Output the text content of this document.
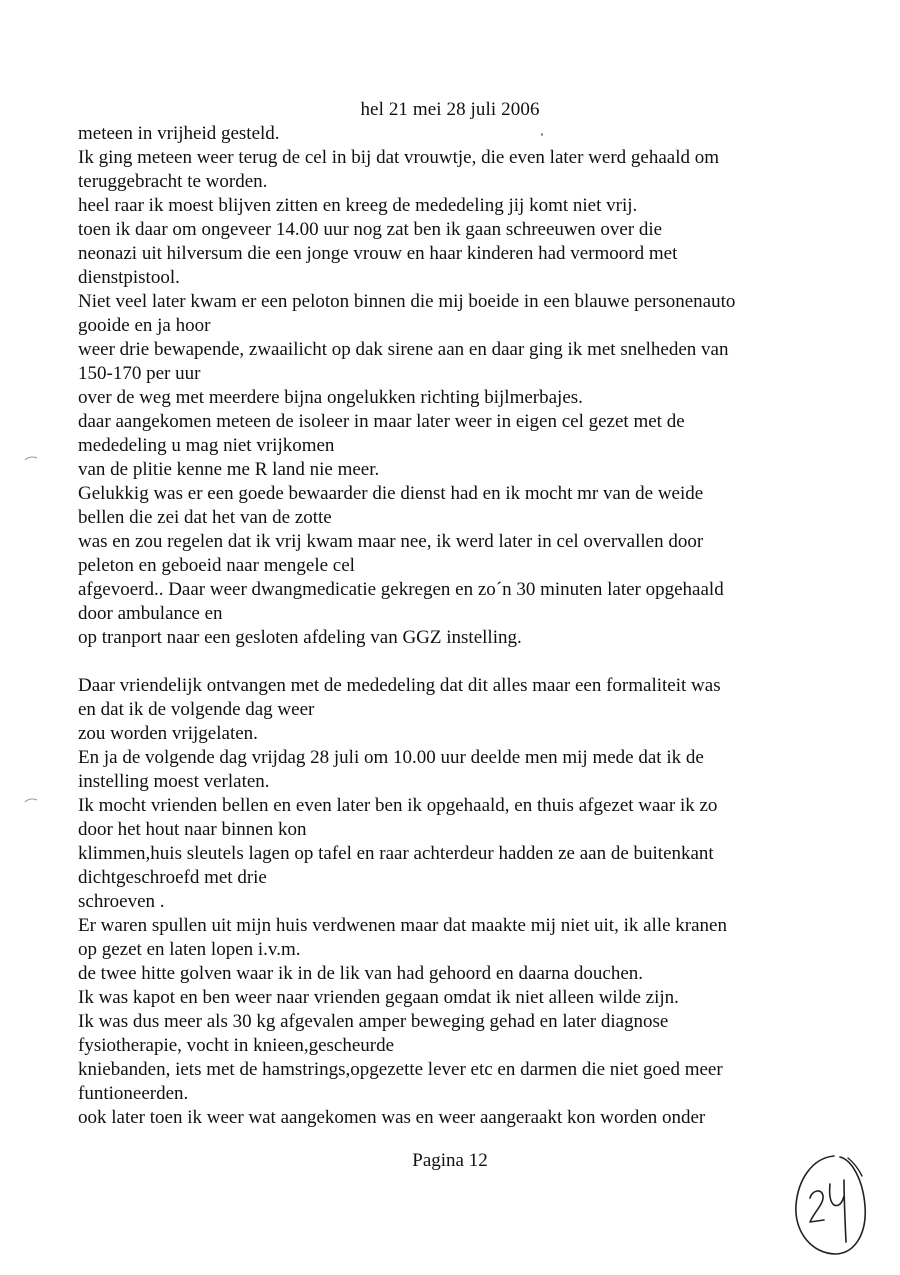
hel 21 mei 28 juli 2006
meteen in vrijheid gesteld.
Ik ging meteen weer terug de cel in bij dat vrouwtje, die even later werd gehaald om
teruggebracht te worden.
heel raar ik moest blijven zitten en kreeg de mededeling jij komt niet vrij.
toen ik daar om ongeveer 14.00 uur nog zat ben ik gaan schreeuwen over die
neonazi uit hilversum die een jonge vrouw en haar kinderen had vermoord met
dienstpistool.
Niet veel later kwam er een peloton binnen die mij boeide in een blauwe personenauto
gooide en ja hoor
weer drie bewapende, zwaailicht op dak sirene aan en daar ging ik met snelheden van
150-170 per uur
over de weg met meerdere bijna ongelukken richting bijlmerbajes.
daar aangekomen meteen de isoleer in maar later weer in eigen cel gezet met de
mededeling u mag niet vrijkomen
van de plitie kenne me R land nie meer.
Gelukkig was er een goede bewaarder die dienst had en ik mocht mr van de weide
bellen die zei dat het van de zotte
was en zou regelen dat ik vrij kwam maar nee, ik werd later in cel overvallen door
peleton en geboeid naar mengele cel
afgevoerd.. Daar weer dwangmedicatie gekregen en zo´n 30 minuten later opgehaald
door ambulance en
op tranport naar een gesloten afdeling van GGZ instelling.
Daar vriendelijk ontvangen met de mededeling dat dit alles maar een formaliteit was
en dat ik de volgende dag weer
zou worden vrijgelaten.
En ja de volgende dag vrijdag 28 juli om 10.00 uur deelde men mij mede dat ik de
instelling moest verlaten.
Ik mocht vrienden bellen en even later ben ik opgehaald, en thuis afgezet waar ik zo
door het hout naar binnen kon
klimmen,huis sleutels lagen op tafel en raar achterdeur hadden ze aan de buitenkant
dichtgeschroefd met drie
schroeven .
Er waren spullen uit mijn huis verdwenen maar dat maakte mij niet uit, ik alle kranen
op gezet en laten lopen i.v.m.
de twee hitte golven waar ik in de lik van had gehoord en daarna douchen.
Ik was kapot en ben weer naar vrienden gegaan omdat ik niet alleen wilde zijn.
Ik was dus meer als 30 kg afgevalen amper beweging gehad en later diagnose
fysiotherapie, vocht in knieen,gescheurde
kniebanden, iets met de hamstrings,opgezette lever etc en darmen die niet goed meer
funtioneerden.
ook later toen ik weer wat aangekomen was en weer aangeraakt kon worden onder
Pagina 12
